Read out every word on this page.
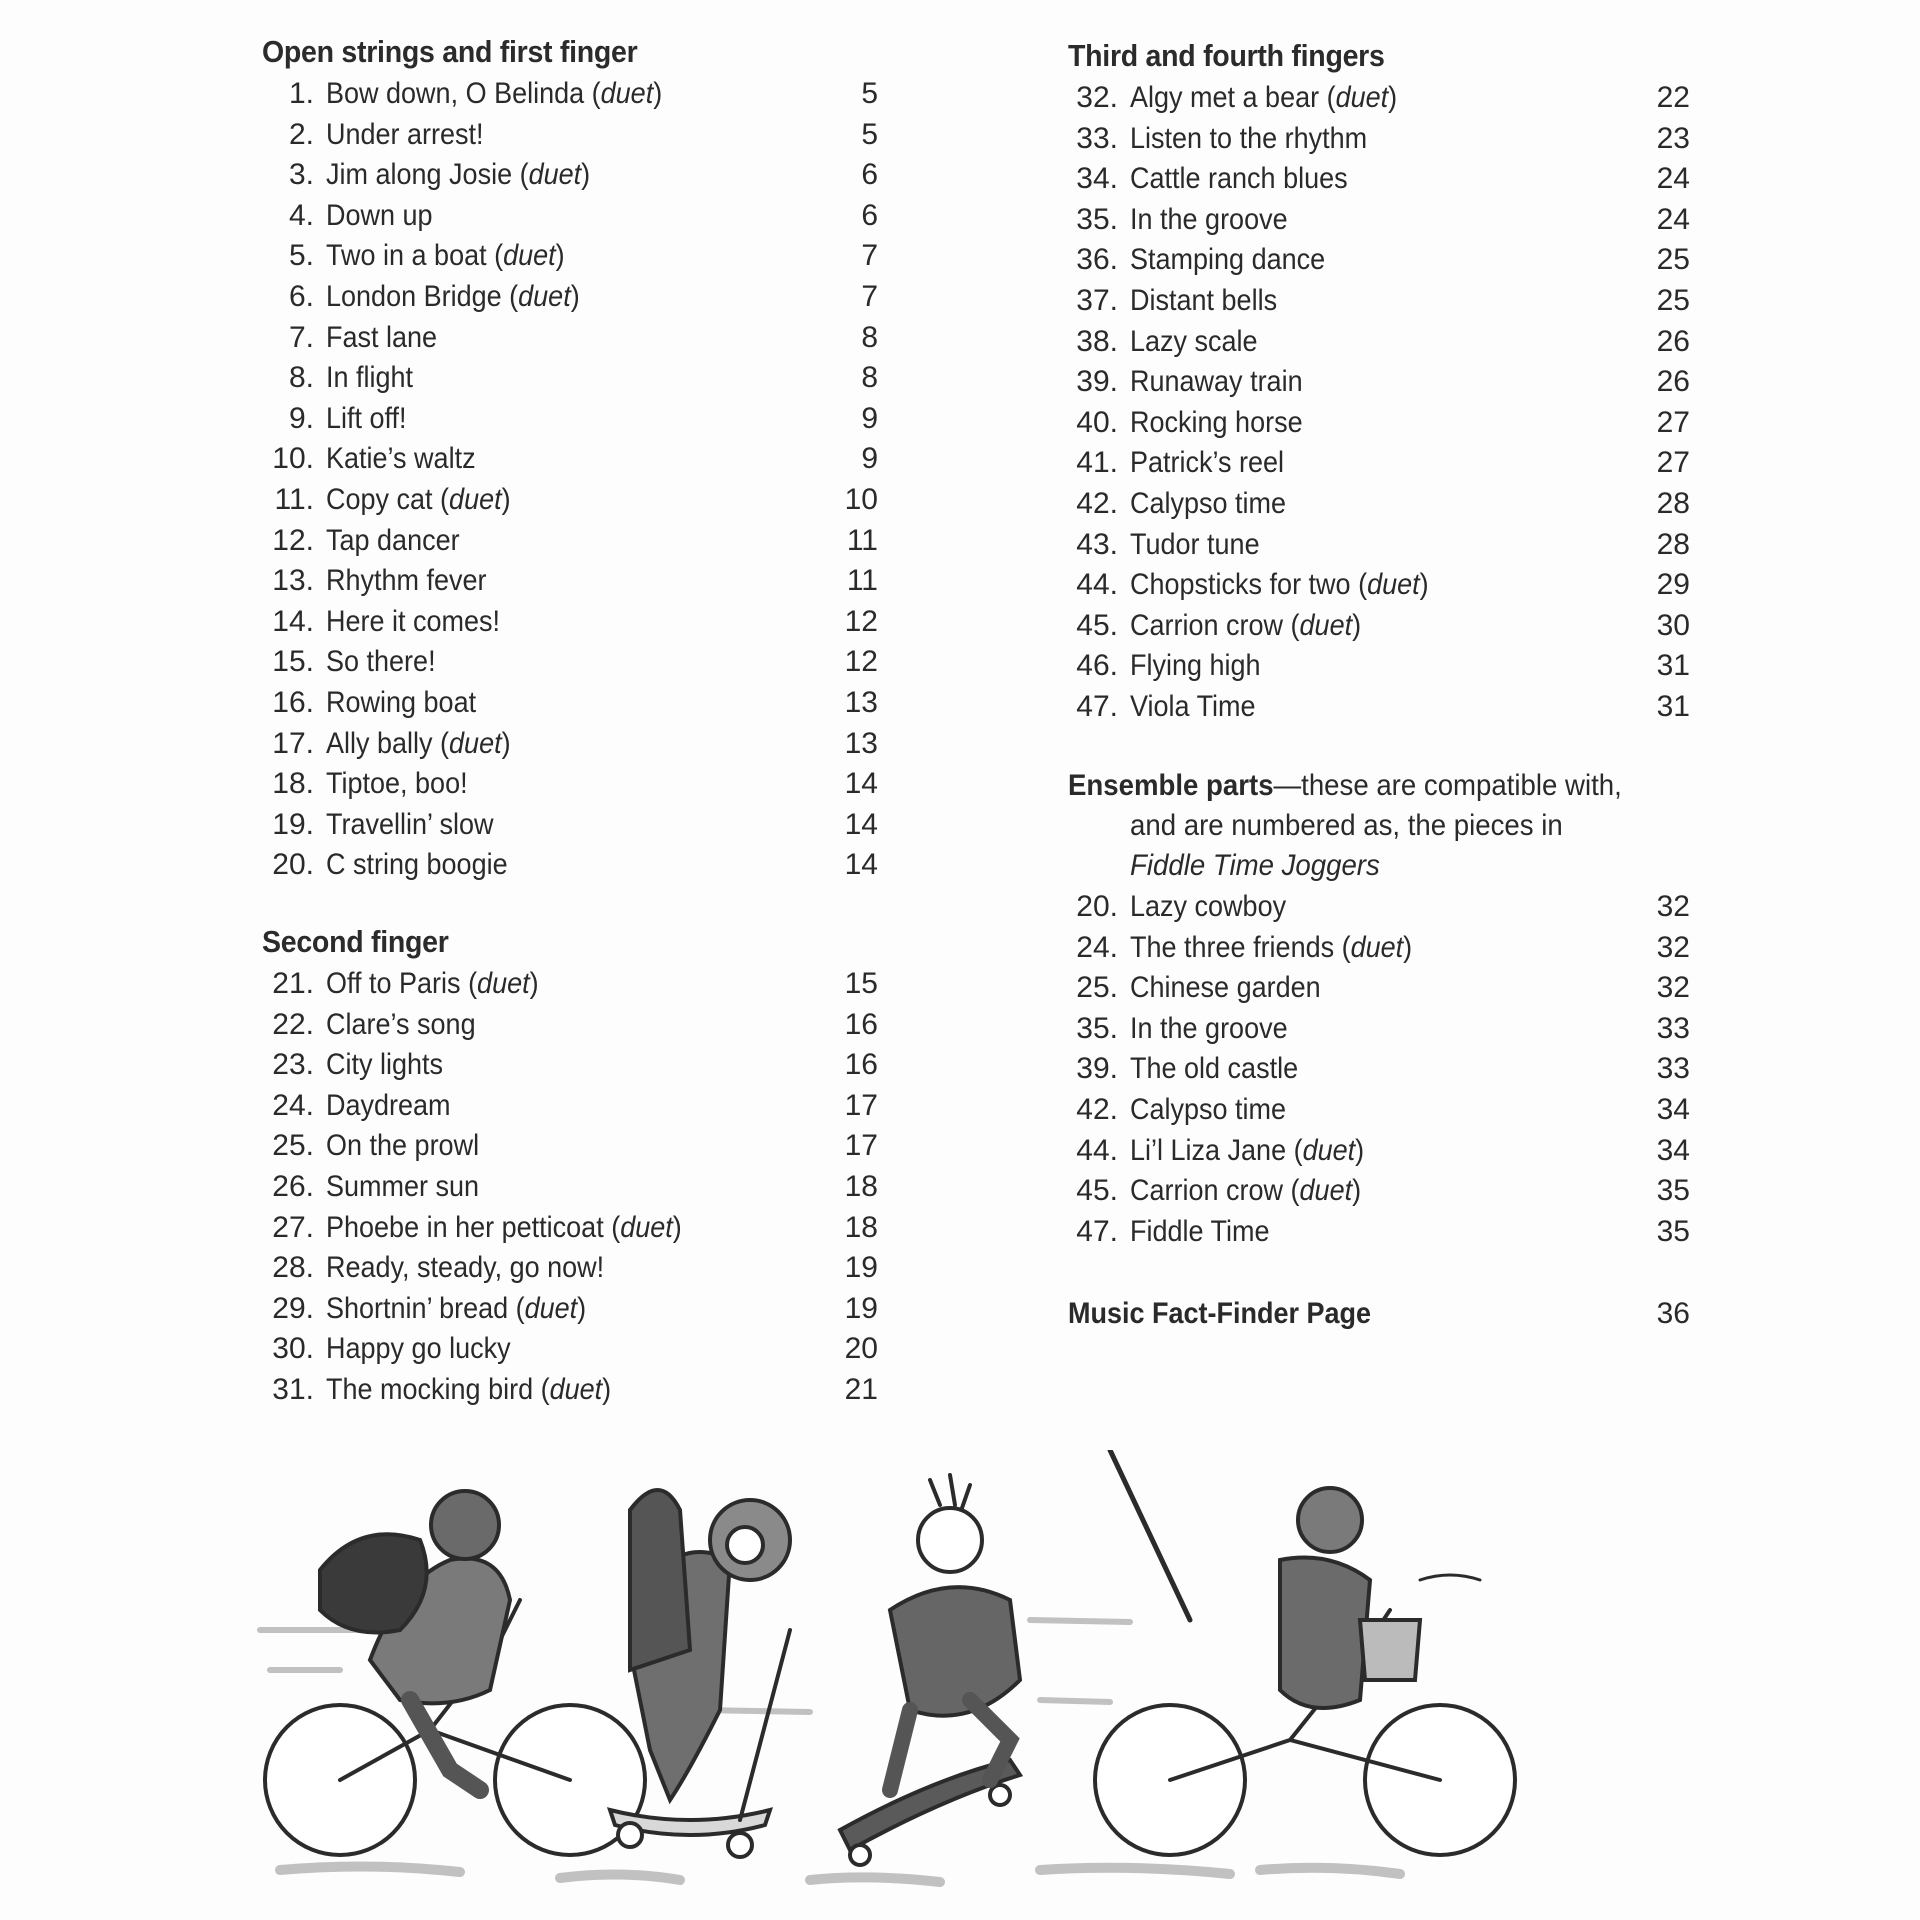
Open strings and first finger
1. Bow down, O Belinda (duet)	5
2. Under arrest!	5
3. Jim along Josie (duet)	6
4. Down up	6
5. Two in a boat (duet)	7
6. London Bridge (duet)	7
7. Fast lane	8
8. In flight	8
9. Lift off!	9
10. Katie’s waltz	9
11. Copy cat (duet)	10
12. Tap dancer	11
13. Rhythm fever	11
14. Here it comes!	12
15. So there!	12
16. Rowing boat	13
17. Ally bally (duet)	13
18. Tiptoe, boo!	14
19. Travellin’ slow	14
20. C string boogie	14
Second finger
21. Off to Paris (duet)	15
22. Clare’s song	16
23. City lights	16
24. Daydream	17
25. On the prowl	17
26. Summer sun	18
27. Phoebe in her petticoat (duet)	18
28. Ready, steady, go now!	19
29. Shortnin’ bread (duet)	19
30. Happy go lucky	20
31. The mocking bird (duet)	21
Third and fourth fingers
32. Algy met a bear (duet)	22
33. Listen to the rhythm	23
34. Cattle ranch blues	24
35. In the groove	24
36. Stamping dance	25
37. Distant bells	25
38. Lazy scale	26
39. Runaway train	26
40. Rocking horse	27
41. Patrick’s reel	27
42. Calypso time	28
43. Tudor tune	28
44. Chopsticks for two (duet)	29
45. Carrion crow (duet)	30
46. Flying high	31
47. Viola Time	31
Ensemble parts—these are compatible with,
and are numbered as, the pieces in
Fiddle Time Joggers
20. Lazy cowboy	32
24. The three friends (duet)	32
25. Chinese garden	32
35. In the groove	33
39. The old castle	33
42. Calypso time	34
44. Li’l Liza Jane (duet)	34
45. Carrion crow (duet)	35
47. Fiddle Time	35
Music Fact-Finder Page	36
